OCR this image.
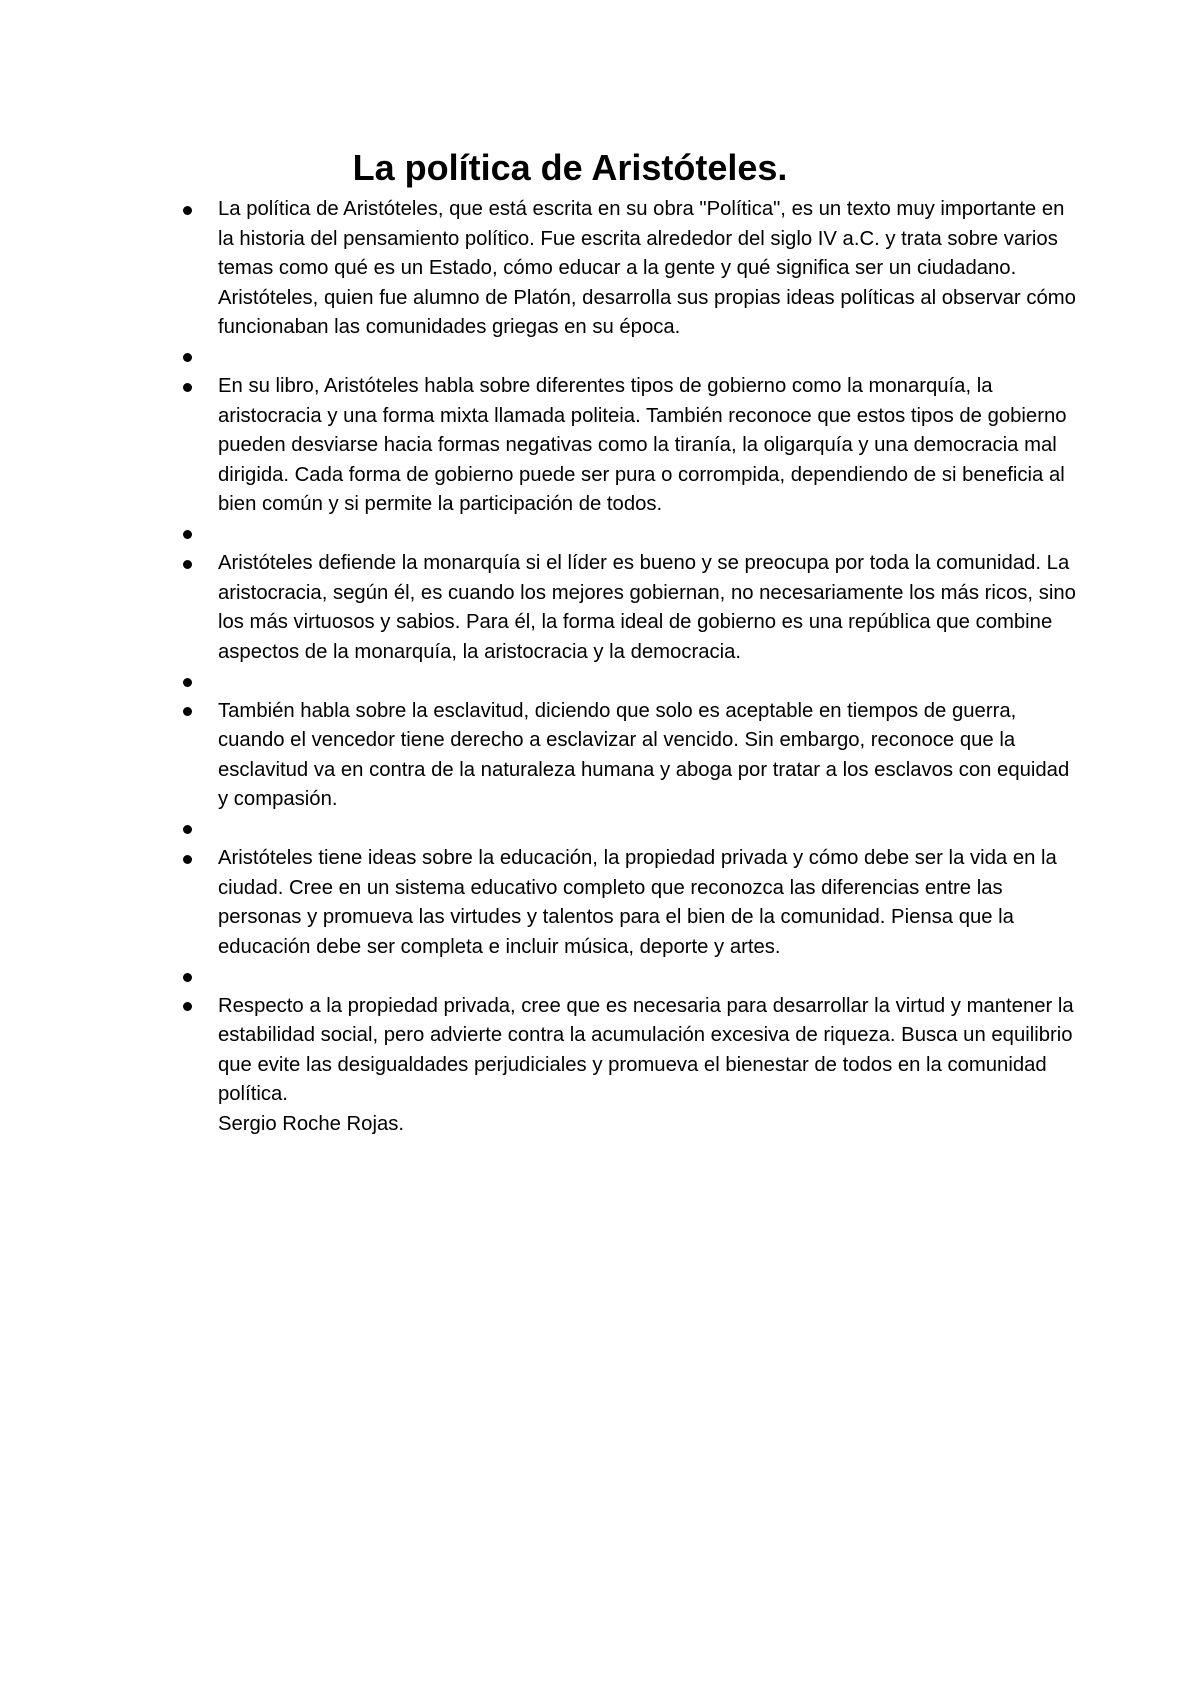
La política de Aristóteles.
La política de Aristóteles, que está escrita en su obra "Política", es un texto muy importante en la historia del pensamiento político. Fue escrita alrededor del siglo IV a.C. y trata sobre varios temas como qué es un Estado, cómo educar a la gente y qué significa ser un ciudadano. Aristóteles, quien fue alumno de Platón, desarrolla sus propias ideas políticas al observar cómo funcionaban las comunidades griegas en su época.
En su libro, Aristóteles habla sobre diferentes tipos de gobierno como la monarquía, la aristocracia y una forma mixta llamada politeia. También reconoce que estos tipos de gobierno pueden desviarse hacia formas negativas como la tiranía, la oligarquía y una democracia mal dirigida. Cada forma de gobierno puede ser pura o corrompida, dependiendo de si beneficia al bien común y si permite la participación de todos.
Aristóteles defiende la monarquía si el líder es bueno y se preocupa por toda la comunidad. La aristocracia, según él, es cuando los mejores gobiernan, no necesariamente los más ricos, sino los más virtuosos y sabios. Para él, la forma ideal de gobierno es una república que combine aspectos de la monarquía, la aristocracia y la democracia.
También habla sobre la esclavitud, diciendo que solo es aceptable en tiempos de guerra, cuando el vencedor tiene derecho a esclavizar al vencido. Sin embargo, reconoce que la esclavitud va en contra de la naturaleza humana y aboga por tratar a los esclavos con equidad y compasión.
Aristóteles tiene ideas sobre la educación, la propiedad privada y cómo debe ser la vida en la ciudad. Cree en un sistema educativo completo que reconozca las diferencias entre las personas y promueva las virtudes y talentos para el bien de la comunidad. Piensa que la educación debe ser completa e incluir música, deporte y artes.
Respecto a la propiedad privada, cree que es necesaria para desarrollar la virtud y mantener la estabilidad social, pero advierte contra la acumulación excesiva de riqueza. Busca un equilibrio que evite las desigualdades perjudiciales y promueva el bienestar de todos en la comunidad política.
Sergio Roche Rojas.
